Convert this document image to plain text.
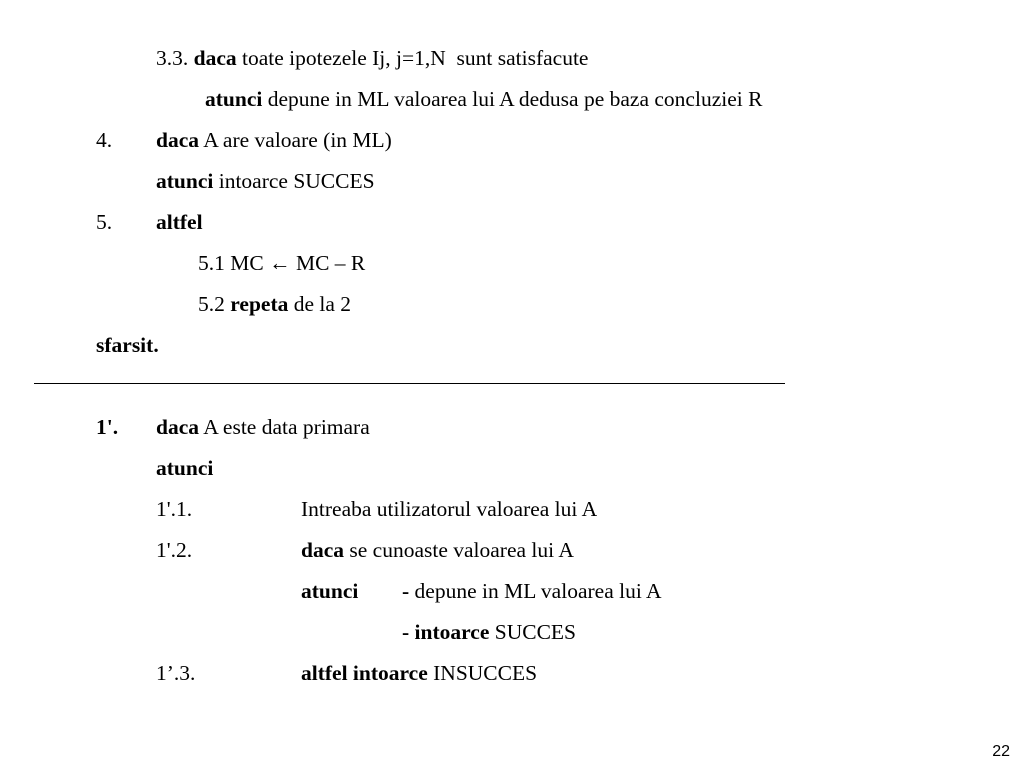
3.3. daca toate ipotezele Ij, j=1,N  sunt satisfacute
atunci depune in ML valoarea lui A dedusa pe baza concluziei R
4. daca A are valoare (in ML)
atunci intoarce SUCCES
5. altfel
5.1 MC ← MC – R
5.2 repeta de la 2
sfarsit.
1'. daca A este data primara
atunci
1'.1.	Intreaba utilizatorul valoarea lui A
1'.2.	daca se cunoaste valoarea lui A
atunci - depune in ML valoarea lui A
- intoarce SUCCES
1’.3.	altfel intoarce INSUCCES
22
